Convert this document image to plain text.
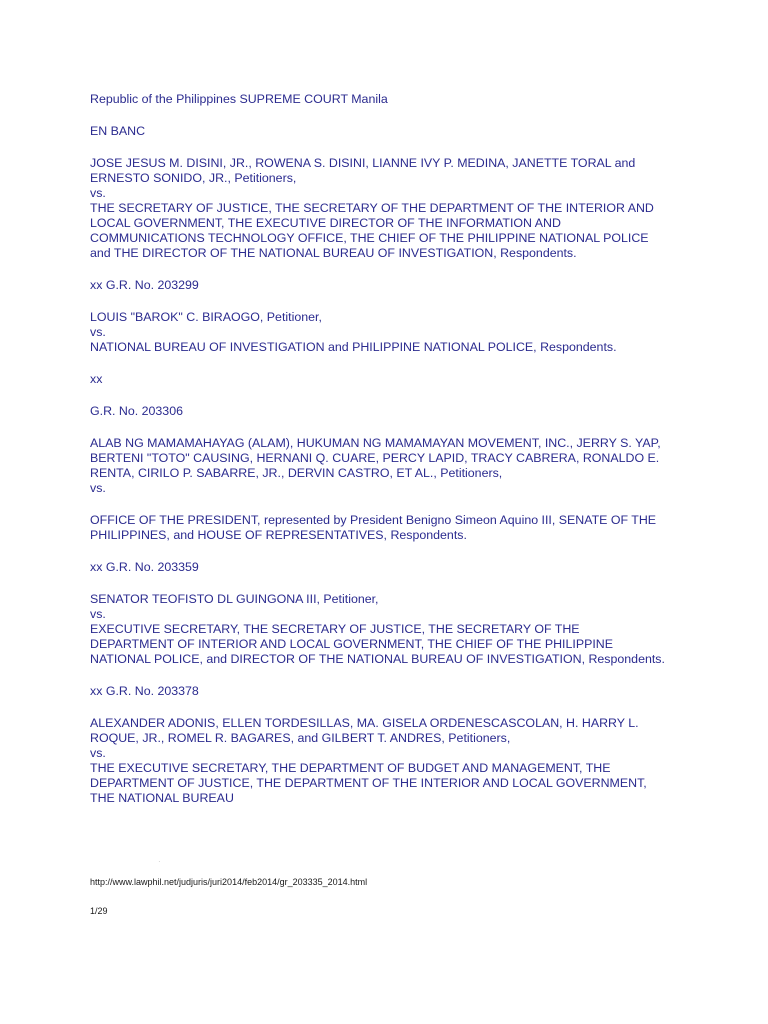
Republic of the Philippines SUPREME COURT Manila
EN BANC
JOSE JESUS M. DISINI, JR., ROWENA S. DISINI, LIANNE IVY P. MEDINA, JANETTE TORAL and
ERNESTO SONIDO, JR., Petitioners,
vs.
THE SECRETARY OF JUSTICE, THE SECRETARY OF THE DEPARTMENT OF THE INTERIOR AND
LOCAL GOVERNMENT, THE EXECUTIVE DIRECTOR OF THE INFORMATION AND
COMMUNICATIONS TECHNOLOGY OFFICE, THE CHIEF OF THE PHILIPPINE NATIONAL POLICE
and THE DIRECTOR OF THE NATIONAL BUREAU OF INVESTIGATION, Respondents.
xx G.R. No. 203299
LOUIS "BAROK" C. BIRAOGO, Petitioner,
vs.
NATIONAL BUREAU OF INVESTIGATION and PHILIPPINE NATIONAL POLICE, Respondents.
xx
G.R. No. 203306
ALAB NG MAMAMAHAYAG (ALAM), HUKUMAN NG MAMAMAYAN MOVEMENT, INC., JERRY S. YAP,
BERTENI "TOTO" CAUSING, HERNANI Q. CUARE, PERCY LAPID, TRACY CABRERA, RONALDO E.
RENTA, CIRILO P. SABARRE, JR., DERVIN CASTRO, ET AL., Petitioners,
vs.
OFFICE OF THE PRESIDENT, represented by President Benigno Simeon Aquino III, SENATE OF THE
PHILIPPINES, and HOUSE OF REPRESENTATIVES, Respondents.
xx G.R. No. 203359
SENATOR TEOFISTO DL GUINGONA III, Petitioner,
vs.
EXECUTIVE SECRETARY, THE SECRETARY OF JUSTICE, THE SECRETARY OF THE
DEPARTMENT OF INTERIOR AND LOCAL GOVERNMENT, THE CHIEF OF THE PHILIPPINE
NATIONAL POLICE, and DIRECTOR OF THE NATIONAL BUREAU OF INVESTIGATION, Respondents.
xx G.R. No. 203378
ALEXANDER ADONIS, ELLEN TORDESILLAS, MA. GISELA ORDENESCASCOLAN, H. HARRY L.
ROQUE, JR., ROMEL R. BAGARES, and GILBERT T. ANDRES, Petitioners,
vs.
THE EXECUTIVE SECRETARY, THE DEPARTMENT OF BUDGET AND MANAGEMENT, THE
DEPARTMENT OF JUSTICE, THE DEPARTMENT OF THE INTERIOR AND LOCAL GOVERNMENT,
THE NATIONAL BUREAU
·
http://www.lawphil.net/judjuris/juri2014/feb2014/gr_203335_2014.html
1/29
